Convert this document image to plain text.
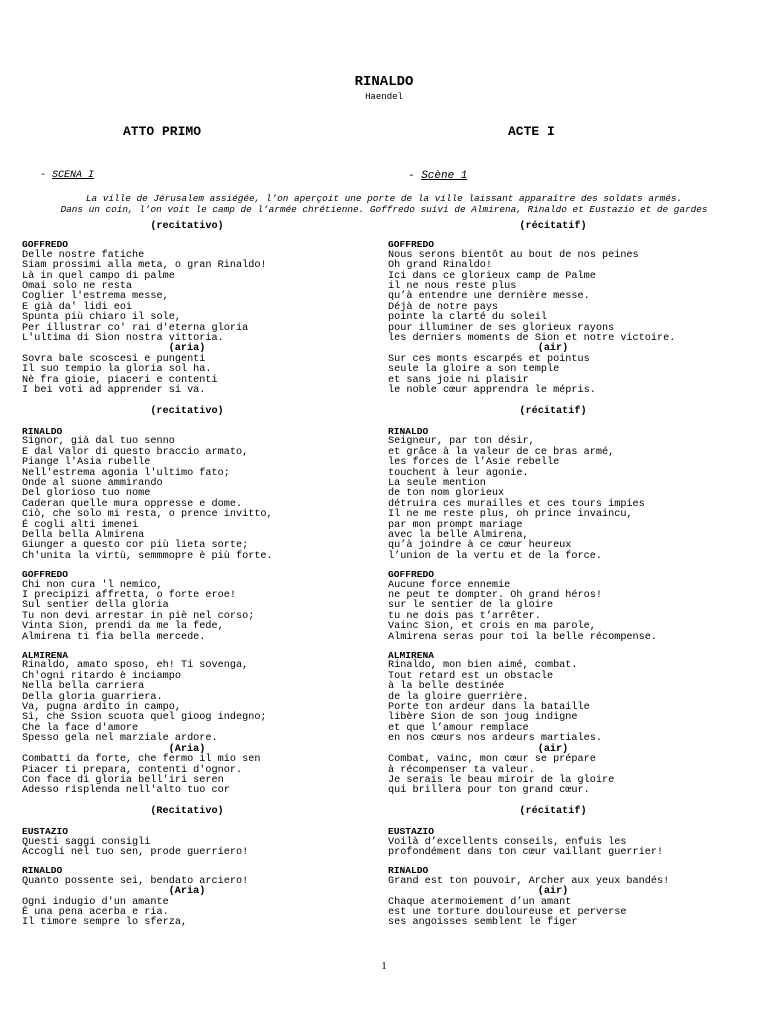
RINALDO
Haendel
ATTO PRIMO	ACTE I
- SCENA I	- Scène 1
La ville de Jérusalem assiégée, l’on aperçoit une porte de la ville laissant apparaître des soldats armés.
Dans un coin, l’on voit le camp de l’armée chrétienne. Goffredo suivi de Almirena, Rinaldo et Eustazio et de gardes
(recitativo)
GOFFREDO
Delle nostre fatiche
Siam prossimi alla meta, o gran Rinaldo!
Là in quel campo di palme
Omai solo ne resta
Coglier l'estrema messe,
E già da' lidi eoi
Spunta più chiaro il sole,
Per illustrar co' rai d'eterna gloria
L'ultima di Sion nostra vittoria.
(aria)
Sovra bale scoscesi e pungenti
Il suo tempio la gloria sol ha.
Nè fra gioie, piaceri e contenti
I bei voti ad apprender si va.
(recitativo)
RINALDO
Signor, già dal tuo senno
E dal Valor di questo braccio armato,
Piange l'Asia rubelle
Nell'estrema agonia l'ultimo fato;
Onde al suone ammirando
Del glorioso tuo nome
Caderan quelle mura oppresse e dome.
Ciò, che solo mi resta, o prence invitto,
É cogli alti imenei
Della bella Almirena
Giunger a questo cor più lieta sorte;
Ch'unita la virtù, semmmopre è più forte.
GOFFREDO
Chi non cura 'l nemico,
I precipizi affretta, o forte eroe!
Sul sentier della gloria
Tu non devi arrestar in piè nel corso;
Vinta Sion, prendi da me la fede,
Almirena ti fia bella mercede.
ALMIRENA
Rinaldo, amato sposo, eh! Ti sovenga,
Ch'ogni ritardo è inciampo
Nella bella carriera
Della gloria guarriera.
Va, pugna ardito in campo,
Sì, che Ssion scuota quel gioog indegno;
Che la face d'amore
Spesso gela nel marziale ardore.
(Aria)
Combatti da forte, che fermo il mio sen
Piacer ti prepara, contenti d'ognor.
Con face di gloria bell'iri seren
Adesso risplenda nell'alto tuo cor
(Recitativo)
EUSTAZIO
Questi saggi consigli
Accogli nel tuo sen, prode guerriero!
RINALDO
Quanto possente sei, bendato arciero!
(Aria)
Ogni indugio d'un amante
È una pena acerba e ria.
Il timore sempre lo sferza,
(récitatif)
GOFFREDO
Nous serons bientôt au bout de nos peines
Oh grand Rinaldo!
Ici dans ce glorieux camp de Palme
il ne nous reste plus
qu’à entendre une dernière messe.
Déjà de notre pays
pointe la clarté du soleil
pour illuminer de ses glorieux rayons
les derniers moments de Sion et notre victoire.
(air)
Sur ces monts escarpés et pointus
seule la gloire a son temple
et sans joie ni plaisir
le noble cœur apprendra le mépris.
(récitatif)
RINALDO
Seigneur, par ton désir,
et grâce à la valeur de ce bras armé,
les forces de l’Asie rebelle
touchent à leur agonie.
La seule mention
de ton nom glorieux
détruira ces murailles et ces tours impies
Il ne me reste plus, oh prince invaincu,
par mon prompt mariage
avec la belle Almirena,
qu’à joindre à ce cœur heureux
l’union de la vertu et de la force.
GOFFREDO
Aucune force ennemie
ne peut te dompter. Oh grand héros!
sur le sentier de la gloire
tu ne dois pas t’arrêter.
Vainc Sion, et crois en ma parole,
Almirena seras pour toi la belle récompense.
ALMIRENA
Rinaldo, mon bien aimé, combat.
Tout retard est un obstacle
à la belle destinée
de la gloire guerrière.
Porte ton ardeur dans la bataille
libère Sion de son joug indigne
et que l’amour remplace
en nos cœurs nos ardeurs martiales.
(air)
Combat, vainc, mon cœur se prépare
à récompenser ta valeur.
Je serais le beau miroir de la gloire
qui brillera pour ton grand cœur.
(récitatif)
EUSTAZIO
Voilà d’excellents conseils, enfuis les
profondément dans ton cœur vaillant guerrier!
RINALDO
Grand est ton pouvoir, Archer aux yeux bandés!
(air)
Chaque atermoiement d’un amant
est une torture douloureuse et perverse
ses angoisses semblent le figer
1
